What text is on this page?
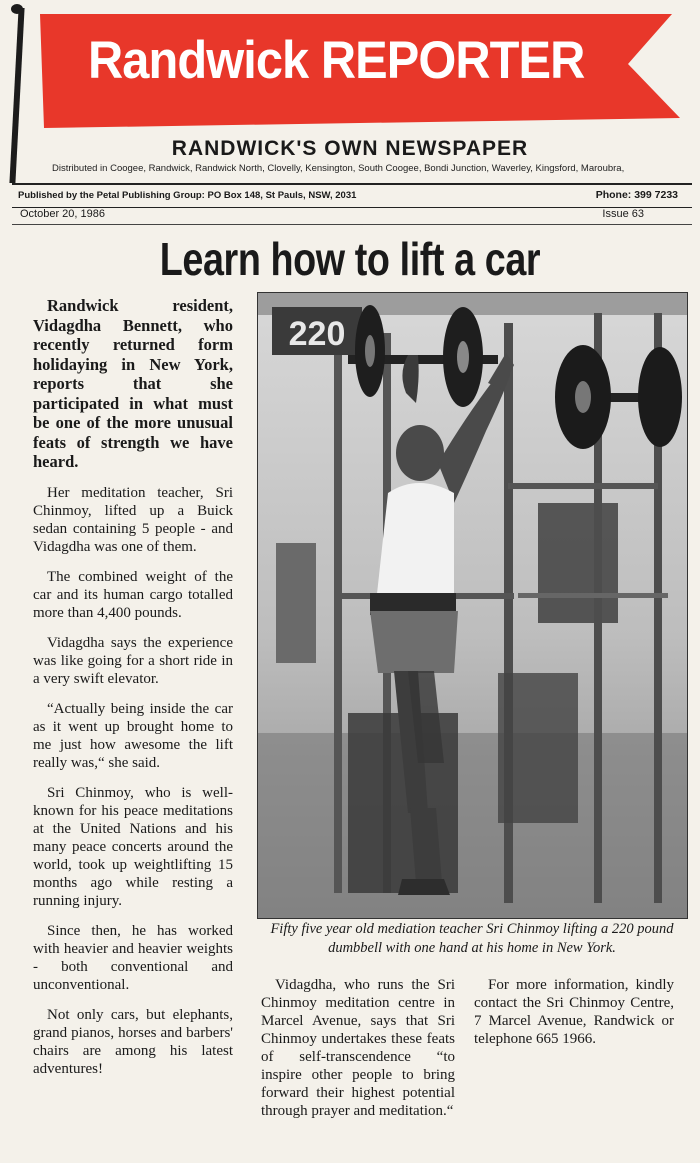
Randwick REPORTER
RANDWICK'S OWN NEWSPAPER
Distributed in Coogee, Randwick, Randwick North, Clovelly, Kensington, South Coogee, Bondi Junction, Waverley, Kingsford, Maroubra,
Published by the Petal Publishing Group: PO Box 148, St Pauls, NSW, 2031	Phone: 399 7233
October 20, 1986	Issue 63
Learn how to lift a car

Randwick resident, Vidagdha Bennett, who recently returned form holidaying in New York, reports that she participated in what must be one of the more unusual feats of strength we have heard.

Her meditation teacher, Sri Chinmoy, lifted up a Buick sedan containing 5 people - and Vidagdha was one of them.

The combined weight of the car and its human cargo totalled more than 4,400 pounds.

Vidagdha says the experience was like going for a short ride in a very swift elevator.

“Actually being inside the car as it went up brought home to me just how awesome the lift really was,“ she said.

Sri Chinmoy, who is well-known for his peace meditations at the United Nations and his many peace concerts around the world, took up weightlifting 15 months ago while resting a running injury.

Since then, he has worked with heavier and heavier weights - both conventional and unconventional.

Not only cars, but elephants, grand pianos, horses and barbers' chairs are among his latest adventures!

220
Fifty five year old mediation teacher Sri Chinmoy lifting a 220 pound dumbbell with one hand at his home in New York.

Vidagdha, who runs the Sri Chinmoy meditation centre in Marcel Avenue, says that Sri Chinmoy undertakes these feats of self-transcendence “to inspire other people to bring forward their highest potential through prayer and meditation.“

For more information, kindly contact the Sri Chinmoy Centre, 7 Marcel Avenue, Randwick or telephone 665 1966.
